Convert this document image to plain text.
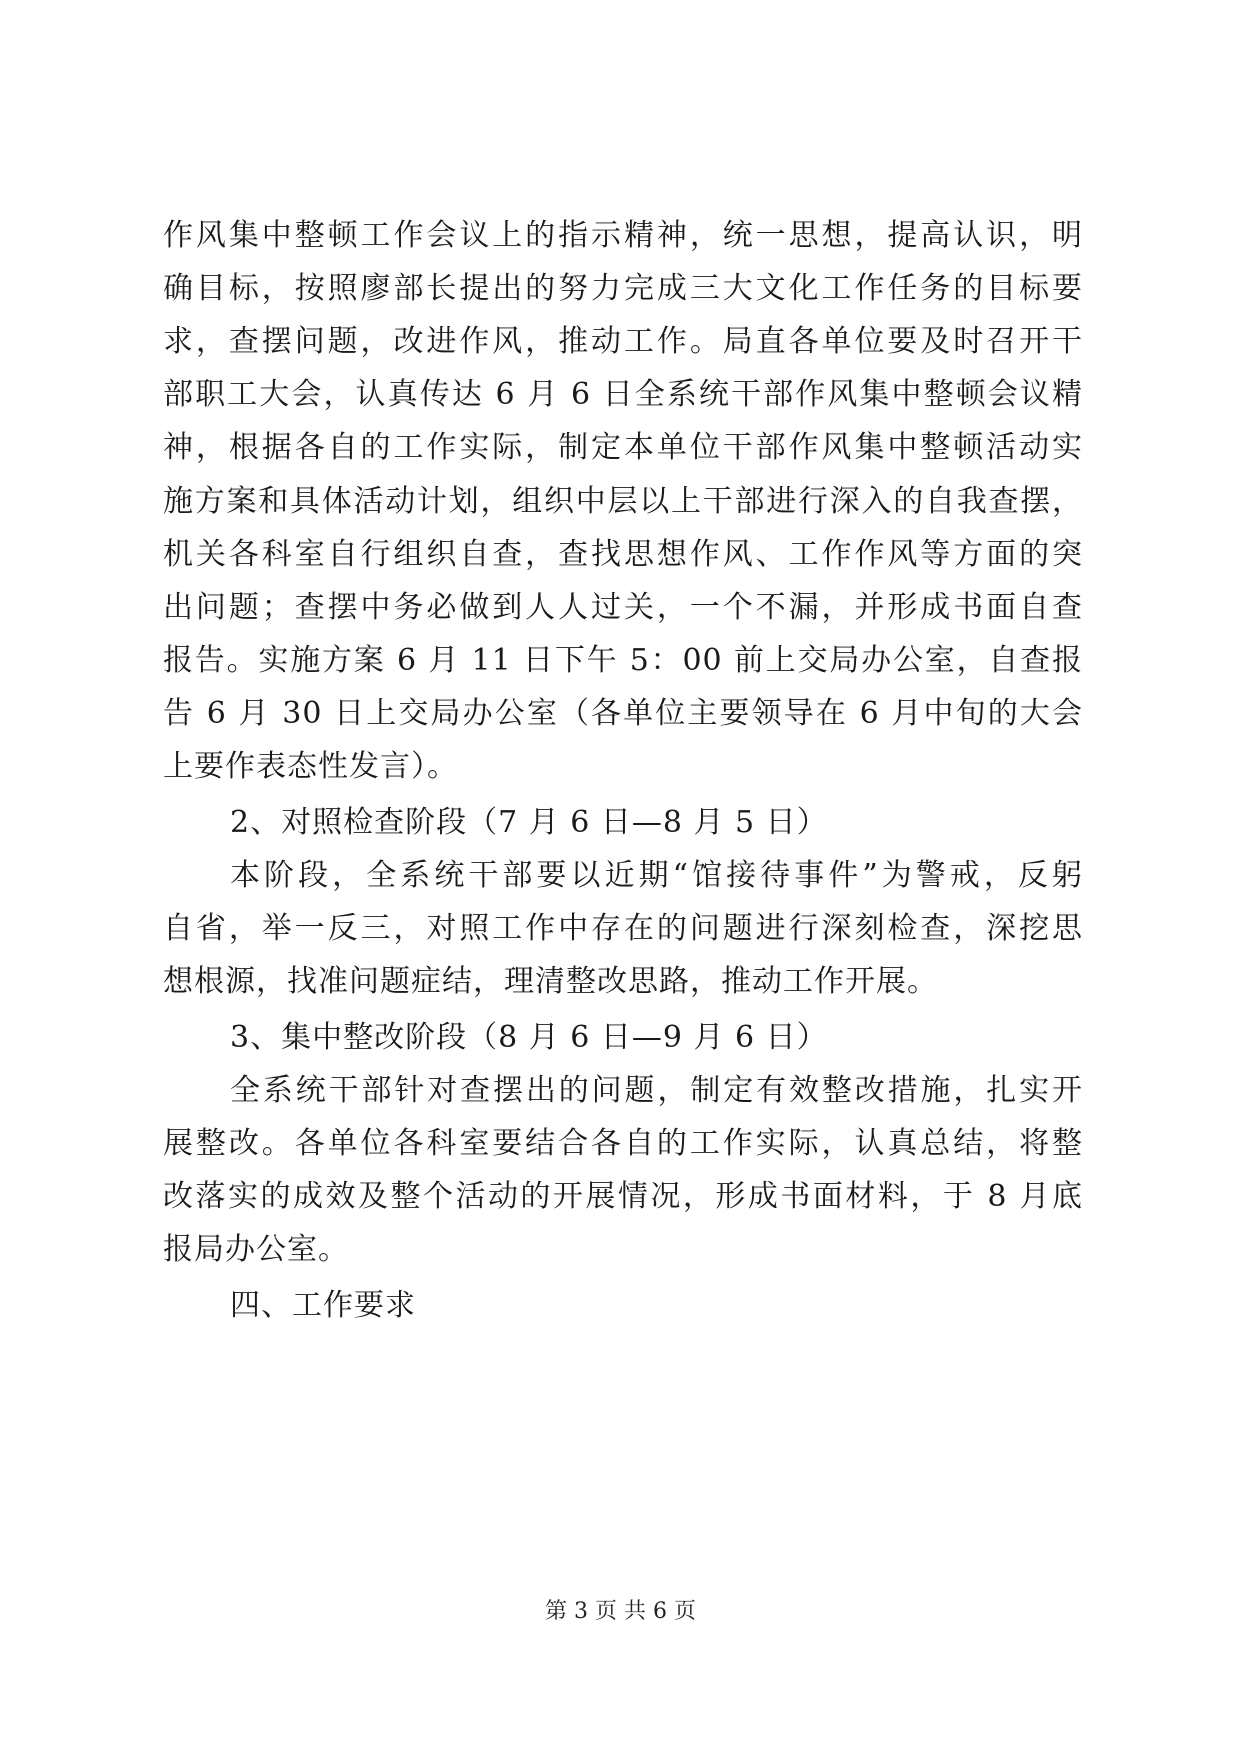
作风集中整顿工作会议上的指示精神，统一思想，提高认识，明
确目标，按照廖部长提出的努力完成三大文化工作任务的目标要
求，查摆问题，改进作风，推动工作。局直各单位要及时召开干
部职工大会，认真传达 6 月 6 日全系统干部作风集中整顿会议精
神，根据各自的工作实际，制定本单位干部作风集中整顿活动实
施方案和具体活动计划，组织中层以上干部进行深入的自我查摆，
机关各科室自行组织自查，查找思想作风、工作作风等方面的突
出问题；查摆中务必做到人人过关，一个不漏，并形成书面自查
报告。实施方案 6 月 11 日下午 5：00 前上交局办公室，自查报
告 6 月 30 日上交局办公室（各单位主要领导在 6 月中旬的大会
上要作表态性发言）。
2、对照检查阶段（7 月 6 日—8 月 5 日）
本阶段，全系统干部要以近期“馆接待事件”为警戒，反躬
自省，举一反三，对照工作中存在的问题进行深刻检查，深挖思
想根源，找准问题症结，理清整改思路，推动工作开展。
3、集中整改阶段（8 月 6 日—9 月 6 日）
全系统干部针对查摆出的问题，制定有效整改措施，扎实开
展整改。各单位各科室要结合各自的工作实际，认真总结，将整
改落实的成效及整个活动的开展情况，形成书面材料，于 8 月底
报局办公室。
四、工作要求
第 3 页 共 6 页
